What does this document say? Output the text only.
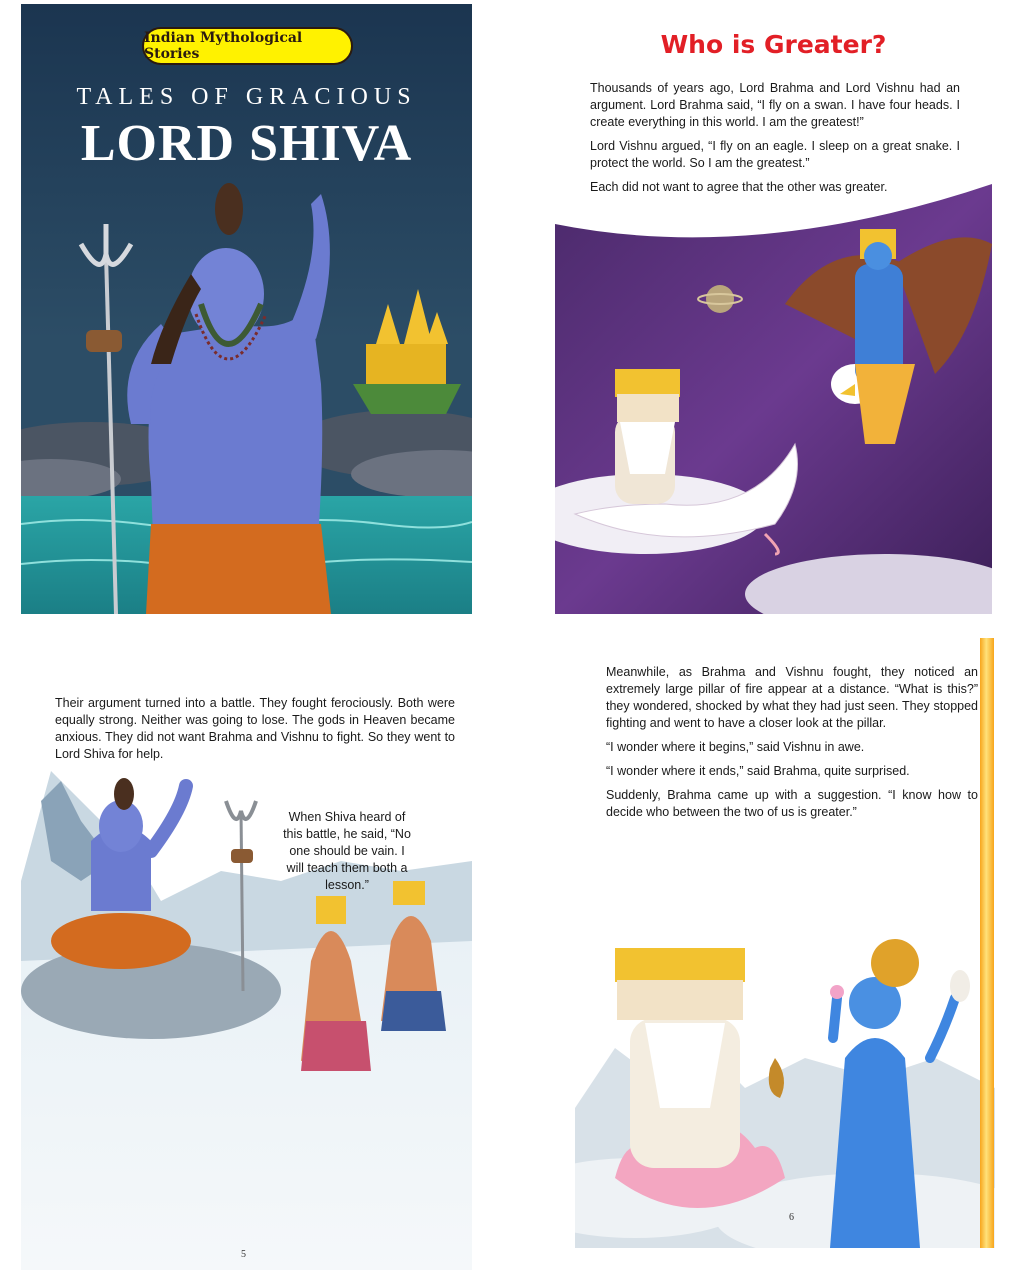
Indian Mythological Stories
TALES OF GRACIOUS
LORD SHIVA
Who is Greater?

Thousands of years ago, Lord Brahma and Lord Vishnu had an argument. Lord Brahma said, “I fly on a swan. I have four heads. I create everything in this world. I am the greatest!”

Lord Vishnu argued, “I fly on an eagle. I sleep on a great snake. I protect the world. So I am the greatest.”

Each did not want to agree that the other was greater.

Their argument turned into a battle. They fought ferociously. Both were equally strong. Neither was going to lose. The gods in Heaven became anxious. They did not want Brahma and Vishnu to fight. So they went to Lord Shiva for help.
When Shiva heard of this battle, he said, “No one should be vain. I will teach them both a lesson.”
5

Meanwhile, as Brahma and Vishnu fought, they noticed an extremely large pillar of fire appear at a distance. “What is this?” they wondered, shocked by what they had just seen. They stopped fighting and went to have a closer look at the pillar.

“I wonder where it begins,” said Vishnu in awe.

“I wonder where it ends,” said Brahma, quite surprised.

Suddenly, Brahma came up with a suggestion. “I know how to decide who between the two of us is greater.”

6
